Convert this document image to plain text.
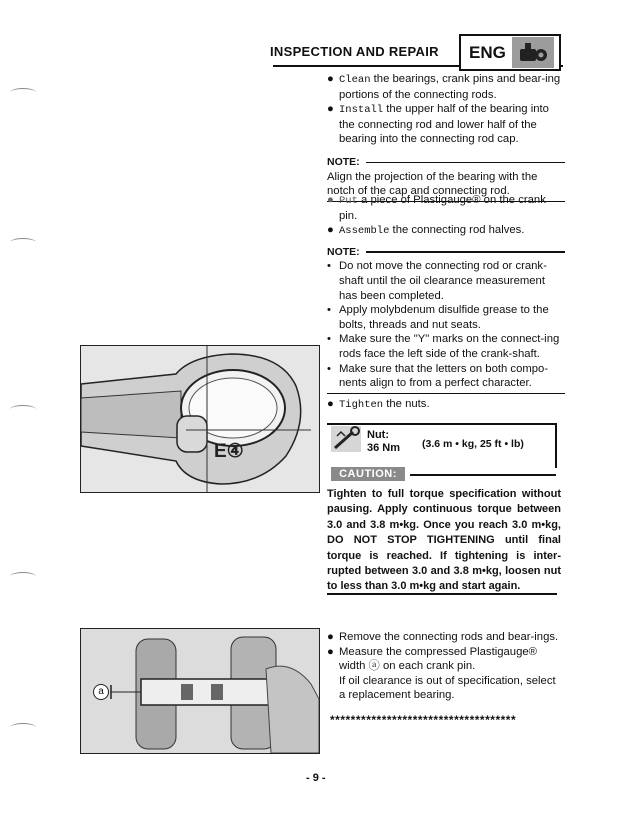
INSPECTION AND REPAIR	ENG
● Clean the bearings, crank pins and bear-ing portions of the connecting rods.
● Install the upper half of the bearing into the connecting rod and lower half of the bearing into the connecting rod cap.
NOTE:
Align the projection of the bearing with the notch of the cap and connecting rod.
● Put a piece of Plastigauge® on the crank pin.
● Assemble the connecting rod halves.
NOTE:
• Do not move the connecting rod or crank-shaft until the oil clearance measurement has been completed.
• Apply molybdenum disulfide grease to the bolts, threads and nut seats.
• Make sure the "Y" marks on the connect-ing rods face the left side of the crank-shaft.
• Make sure that the letters on both compo-nents align to from a perfect character.
● Tighten the nuts.
Nut:
36 Nm (3.6 m • kg, 25 ft • lb)
CAUTION:
Tighten to full torque specification without pausing. Apply continuous torque between 3.0 and 3.8 m•kg. Once you reach 3.0 m•kg, DO NOT STOP TIGHTENING until final torque is reached. If tightening is inter-rupted between 3.0 and 3.8 m•kg, loosen nut to less than 3.0 m•kg and start again.
● Remove the connecting rods and bear-ings.
● Measure the compressed Plastigauge® width ⓐ on each crank pin.
If oil clearance is out of specification, select a replacement bearing.
************************************
E④
a
- 9 -
